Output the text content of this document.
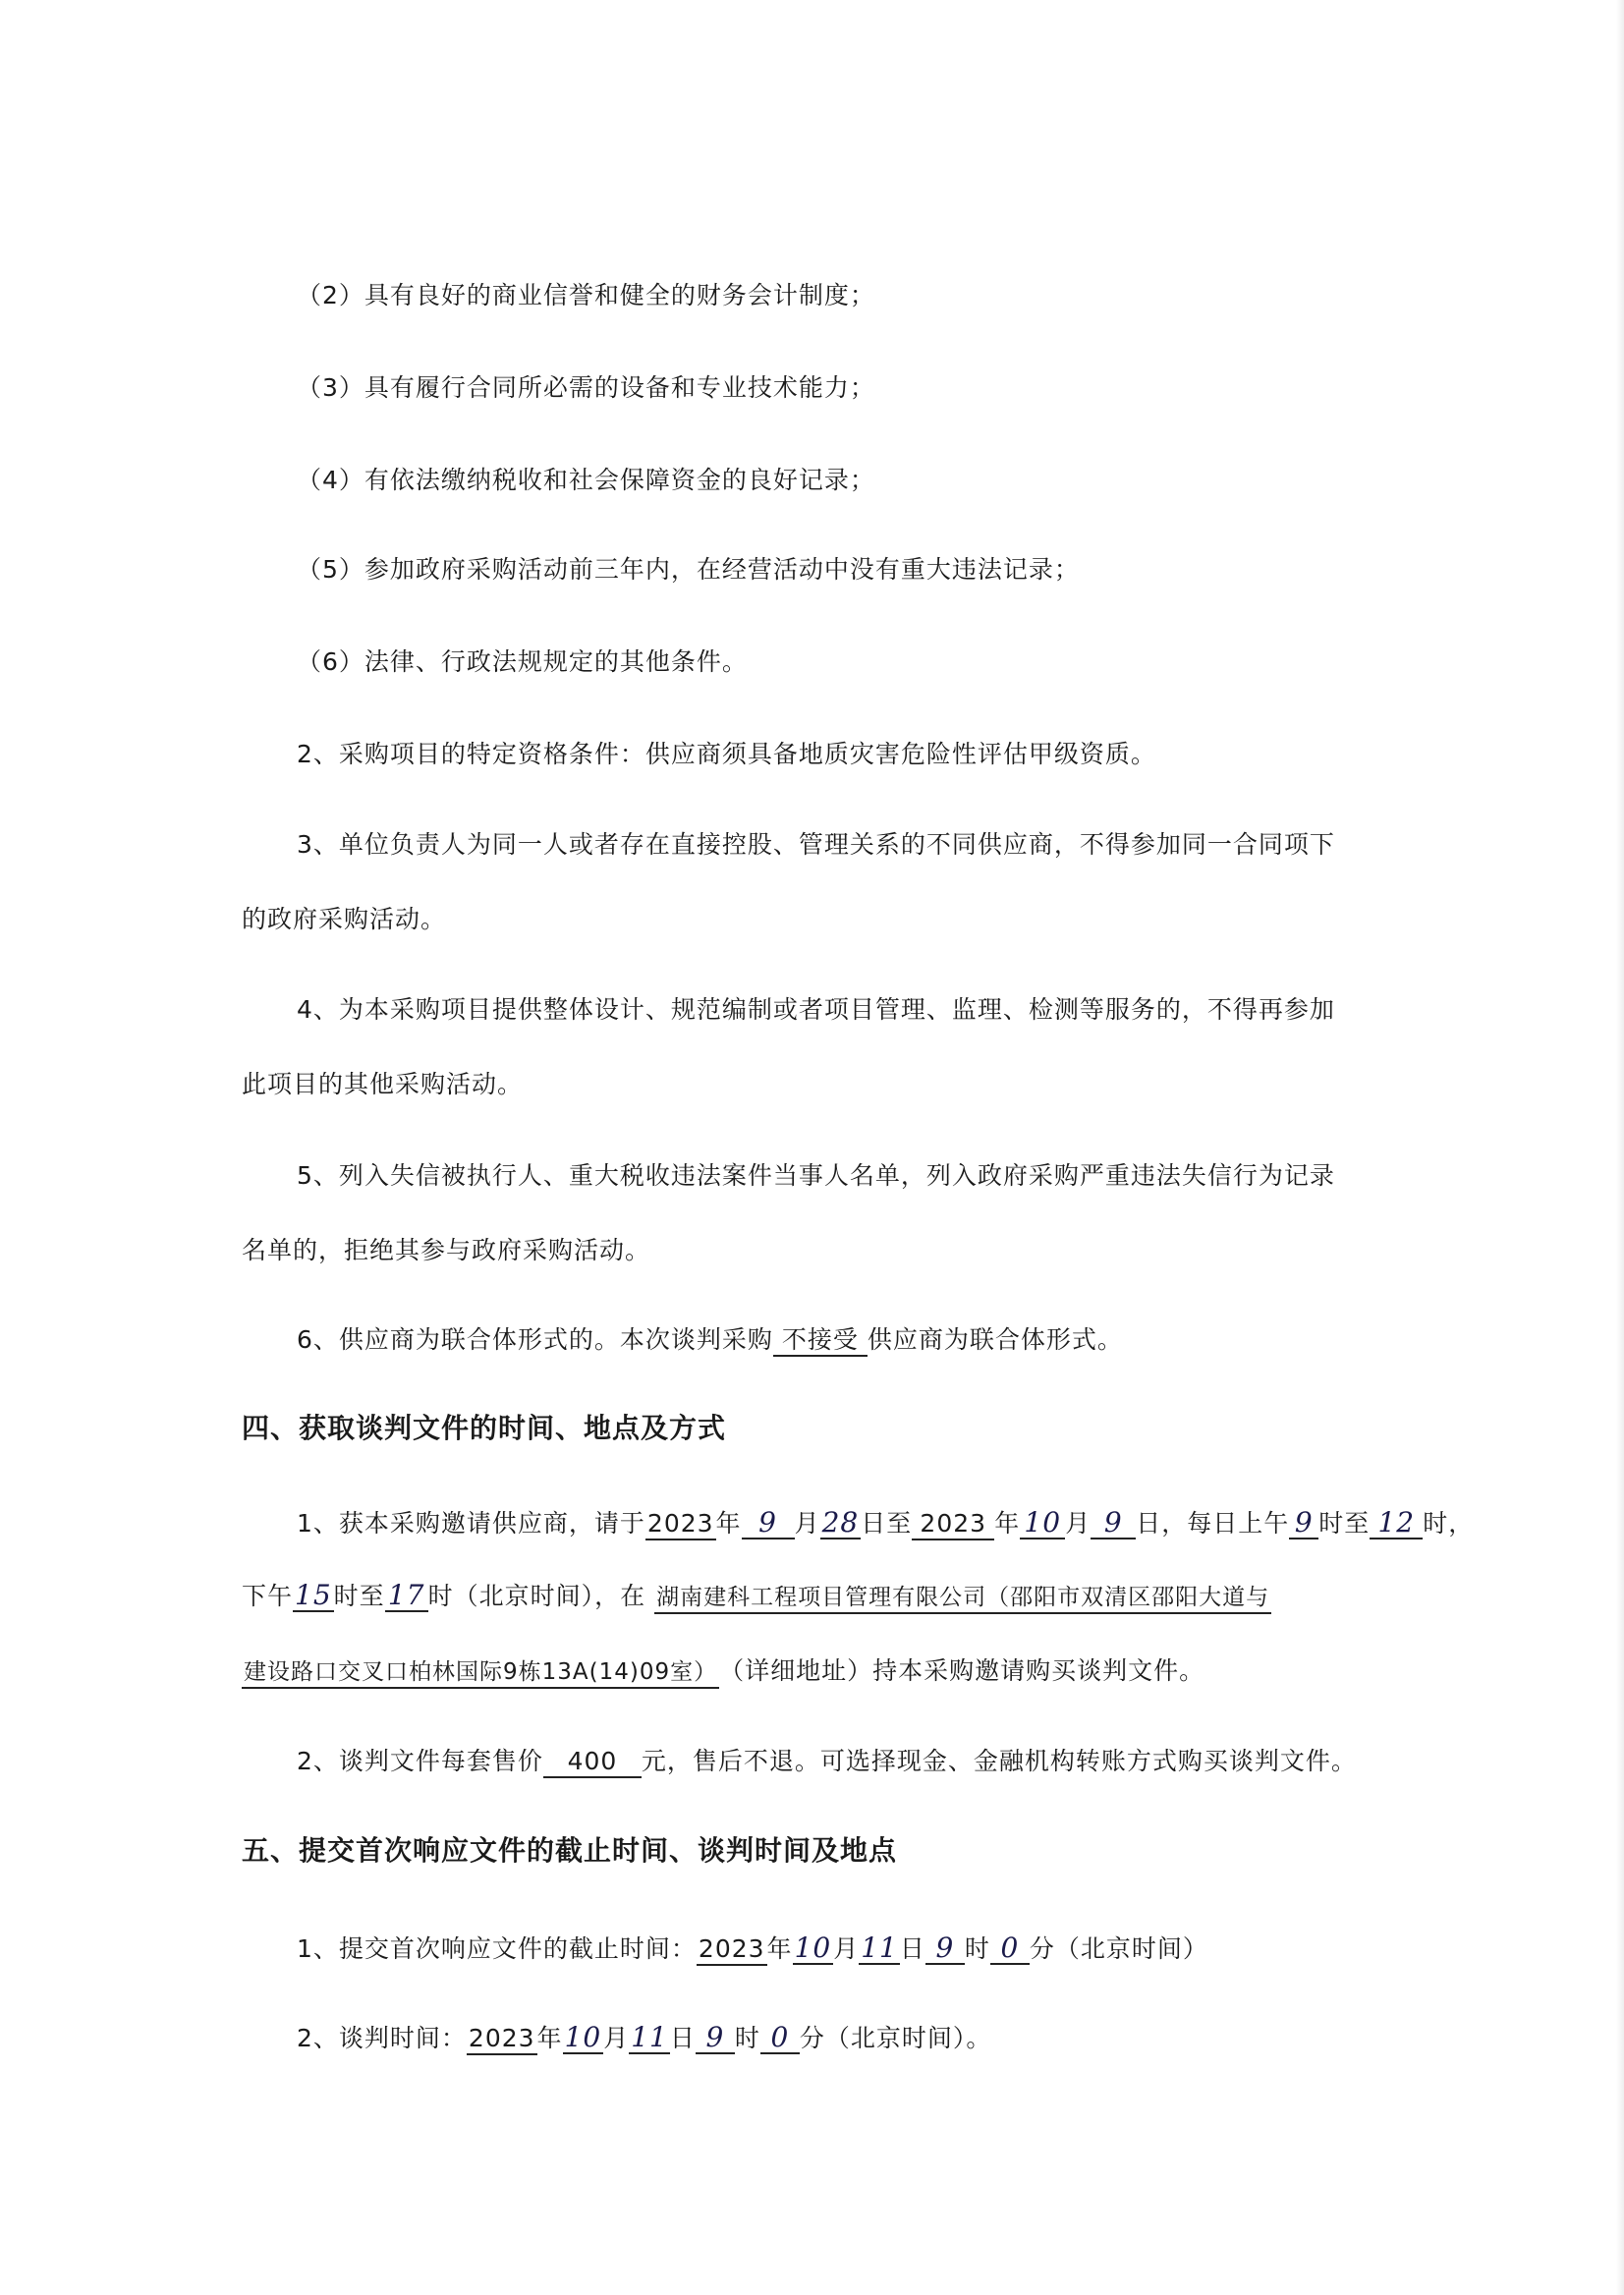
（2）具有良好的商业信誉和健全的财务会计制度；
（3）具有履行合同所必需的设备和专业技术能力；
（4）有依法缴纳税收和社会保障资金的良好记录；
（5）参加政府采购活动前三年内，在经营活动中没有重大违法记录；
（6）法律、行政法规规定的其他条件。
2、采购项目的特定资格条件：供应商须具备地质灾害危险性评估甲级资质。
3、单位负责人为同一人或者存在直接控股、管理关系的不同供应商，不得参加同一合同项下
的政府采购活动。
4、为本采购项目提供整体设计、规范编制或者项目管理、监理、检测等服务的，不得再参加
此项目的其他采购活动。
5、列入失信被执行人、重大税收违法案件当事人名单，列入政府采购严重违法失信行为记录
名单的，拒绝其参与政府采购活动。
6、供应商为联合体形式的。本次谈判采购 不接受 供应商为联合体形式。
四、获取谈判文件的时间、地点及方式
1、获本采购邀请供应商，请于2023年 9 月28日至 2023 年 10 月 9 日，每日上午 9 时至 12 时，
下午15时至 17 时（北京时间），在 湖南建科工程项目管理有限公司（邵阳市双清区邵阳大道与
建设路口交叉口柏林国际9栋13A(14)09室）（详细地址）持本采购邀请购买谈判文件。
2、谈判文件每套售价 400 元，售后不退。可选择现金、金融机构转账方式购买谈判文件。
五、提交首次响应文件的截止时间、谈判时间及地点
1、提交首次响应文件的截止时间：2023年10月11日 9 时 0 分（北京时间）
2、谈判时间：2023年10月11日 9 时 0 分（北京时间）。
